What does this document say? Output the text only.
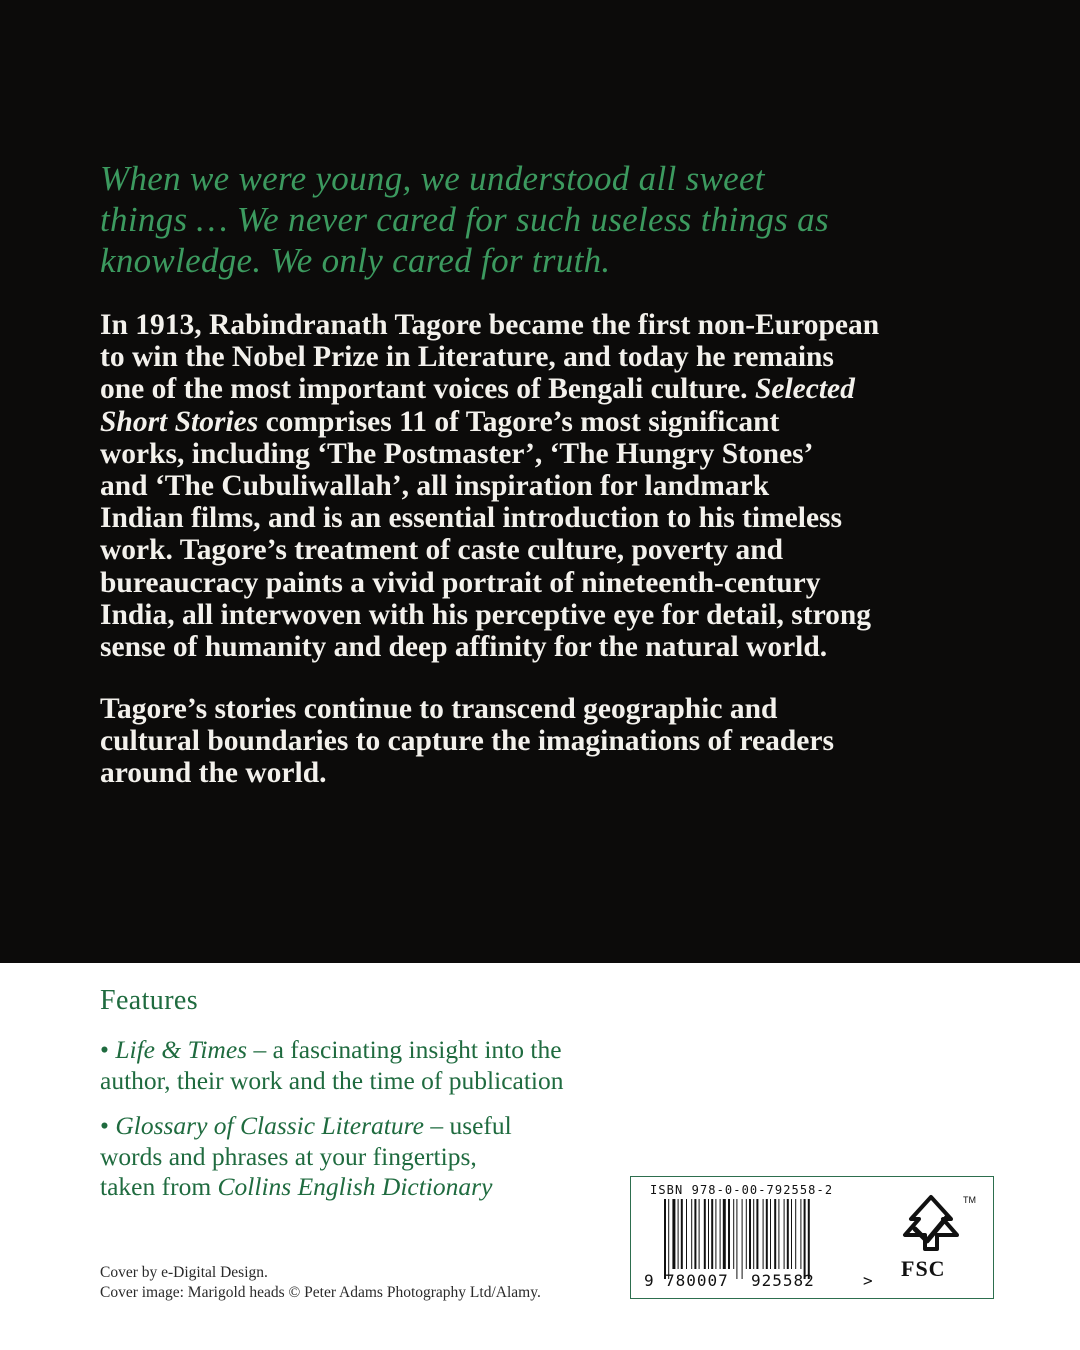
When we were young, we understood all sweet
things … We never cared for such useless things as
knowledge. We only cared for truth.
In 1913, Rabindranath Tagore became the first non-European
to win the Nobel Prize in Literature, and today he remains
one of the most important voices of Bengali culture. Selected
Short Stories comprises 11 of Tagore’s most significant
works, including ‘The Postmaster’, ‘The Hungry Stones’
and ‘The Cubuliwallah’, all inspiration for landmark
Indian films, and is an essential introduction to his timeless
work. Tagore’s treatment of caste culture, poverty and
bureaucracy paints a vivid portrait of nineteenth-century
India, all interwoven with his perceptive eye for detail, strong
sense of humanity and deep affinity for the natural world.
Tagore’s stories continue to transcend geographic and
cultural boundaries to capture the imaginations of readers
around the world.
Features
• Life & Times – a fascinating insight into the
author, their work and the time of publication
• Glossary of Classic Literature – useful
words and phrases at your fingertips,
taken from Collins English Dictionary
Cover by e-Digital Design.
Cover image: Marigold heads © Peter Adams Photography Ltd/Alamy.
ISBN 978-0-00-792558-2
9 780007 925582	>
TM
FSC
